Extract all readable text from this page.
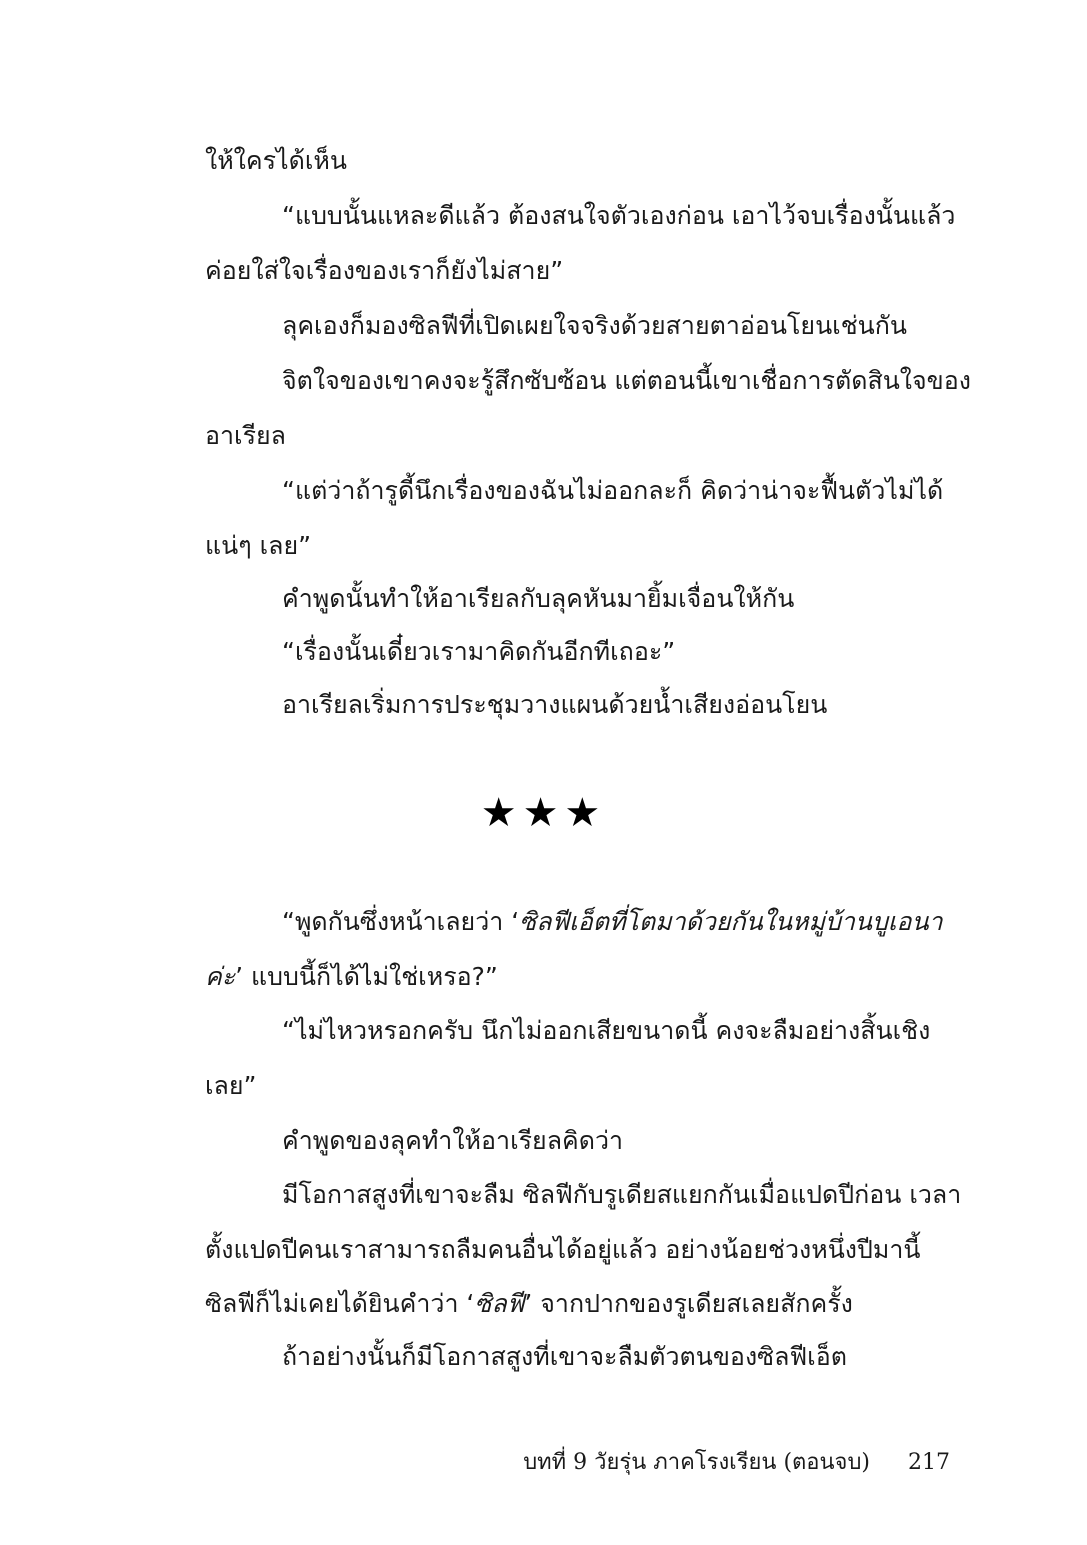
ให้ใครได้เห็น
“แบบนั้นแหละดีแล้ว ต้องสนใจตัวเองก่อน เอาไว้จบเรื่องนั้นแล้ว
ค่อยใส่ใจเรื่องของเราก็ยังไม่สาย”
ลุคเองก็มองซิลฟีที่เปิดเผยใจจริงด้วยสายตาอ่อนโยนเช่นกัน
จิตใจของเขาคงจะรู้สึกซับซ้อน แต่ตอนนี้เขาเชื่อการตัดสินใจของ
อาเรียล
“แต่ว่าถ้ารูดี้นึกเรื่องของฉันไม่ออกละก็ คิดว่าน่าจะฟื้นตัวไม่ได้
แน่ๆ เลย”
คำพูดนั้นทำให้อาเรียลกับลุคหันมายิ้มเจื่อนให้กัน
“เรื่องนั้นเดี๋ยวเรามาคิดกันอีกทีเถอะ”
อาเรียลเริ่มการประชุมวางแผนด้วยน้ำเสียงอ่อนโยน
★★★
“พูดกันซึ่งหน้าเลยว่า ‘ซิลฟีเอ็ตที่โตมาด้วยกันในหมู่บ้านบูเอนา
ค่ะ’ แบบนี้ก็ได้ไม่ใช่เหรอ?”
“ไม่ไหวหรอกครับ นึกไม่ออกเสียขนาดนี้ คงจะลืมอย่างสิ้นเชิง
เลย”
คำพูดของลุคทำให้อาเรียลคิดว่า
มีโอกาสสูงที่เขาจะลืม ซิลฟีกับรูเดียสแยกกันเมื่อแปดปีก่อน เวลา
ตั้งแปดปีคนเราสามารถลืมคนอื่นได้อยู่แล้ว อย่างน้อยช่วงหนึ่งปีมานี้
ซิลฟีก็ไม่เคยได้ยินคำว่า ‘ซิลฟี’ จากปากของรูเดียสเลยสักครั้ง
ถ้าอย่างนั้นก็มีโอกาสสูงที่เขาจะลืมตัวตนของซิลฟีเอ็ต
บทที่ 9 วัยรุ่น ภาคโรงเรียน (ตอนจบ) 217
